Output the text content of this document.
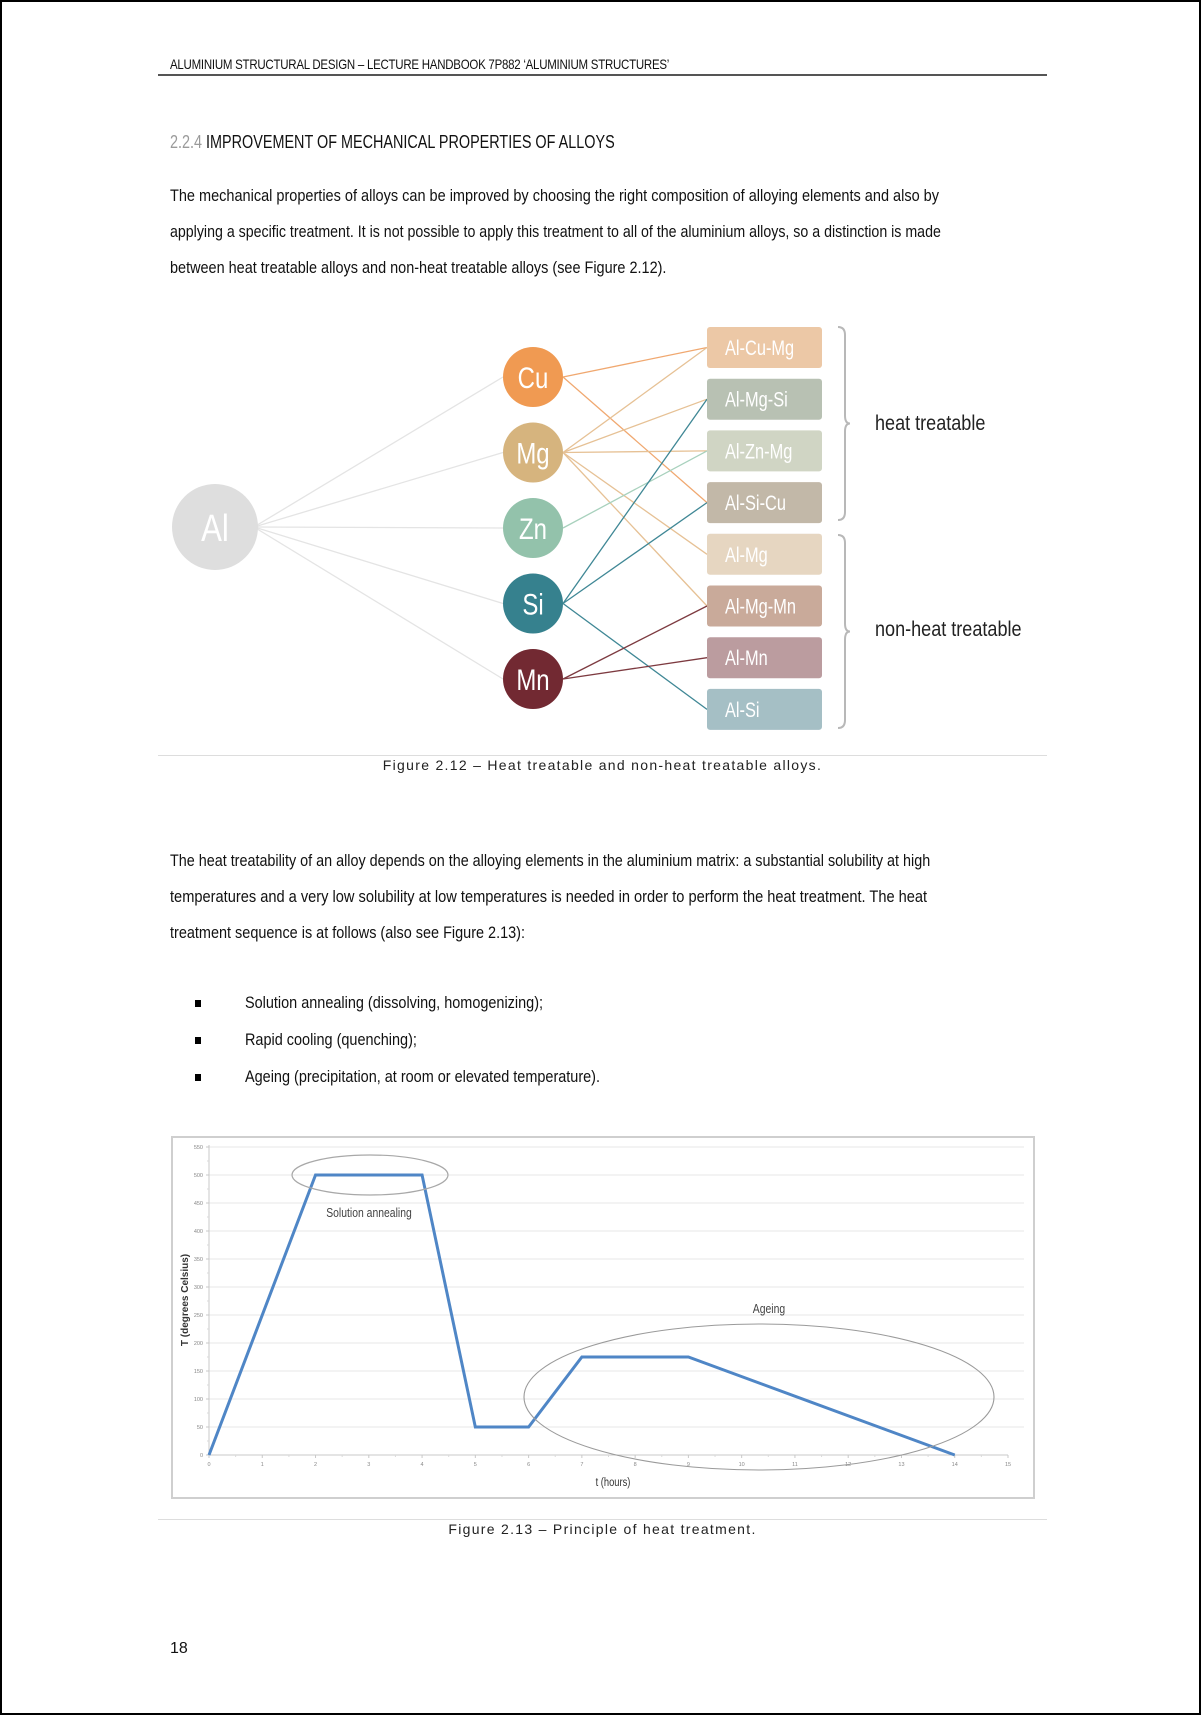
ALUMINIUM STRUCTURAL DESIGN – LECTURE HANDBOOK 7P882 ‘ALUMINIUM STRUCTURES’
2.2.4 IMPROVEMENT OF MECHANICAL PROPERTIES OF ALLOYS
The mechanical properties of alloys can be improved by choosing the right composition of alloying elements and also by
applying a specific treatment. It is not possible to apply this treatment to all of the aluminium alloys, so a distinction is made
between heat treatable alloys and non-heat treatable alloys (see Figure 2.12).
Al
Cu
Mg
Zn
Si
Mn
Al-Cu-Mg
Al-Mg-Si
Al-Zn-Mg
Al-Si-Cu
Al-Mg
Al-Mg-Mn
Al-Mn
Al-Si
heat treatable
non-heat treatable
Figure 2.12 – Heat treatable and non-heat treatable alloys.
The heat treatability of an alloy depends on the alloying elements in the aluminium matrix: a substantial solubility at high
temperatures and a very low solubility at low temperatures is needed in order to perform the heat treatment. The heat
treatment sequence is at follows (also see Figure 2.13):
Solution annealing (dissolving, homogenizing);
Rapid cooling (quenching);
Ageing (precipitation, at room or elevated temperature).
0
50
100
150
200
250
300
350
400
450
500
550
0	1	2	3	4	5	6	7	8	9	10	11	12	13	14	15
t (hours)
T (degrees Celsius)
Solution annealing
Ageing
Figure 2.13 – Principle of heat treatment.
18
